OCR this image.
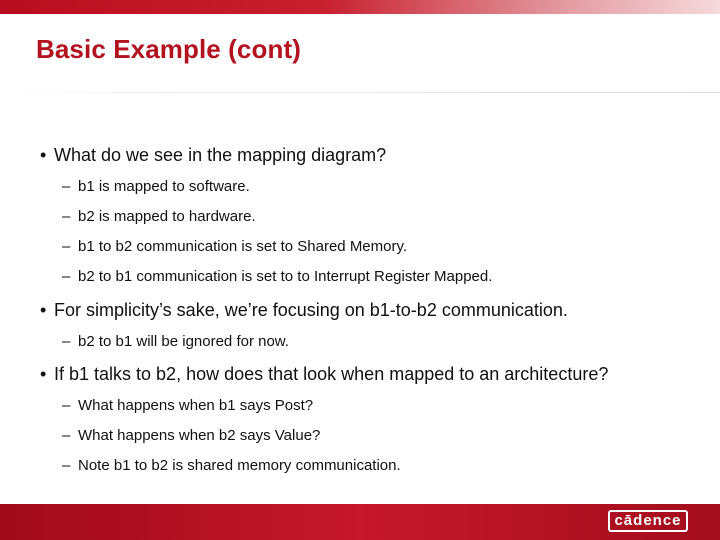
Basic Example (cont)
• What do we see in the mapping diagram?
– b1 is mapped to software.
– b2 is mapped to hardware.
– b1 to b2 communication is set to Shared Memory.
– b2 to b1 communication is set to to Interrupt Register Mapped.
• For simplicity’s sake, we’re focusing on b1-to-b2 communication.
– b2 to b1 will be ignored for now.
• If b1 talks to b2, how does that look when mapped to an architecture?
– What happens when b1 says Post?
– What happens when b2 says Value?
– Note b1 to b2 is shared memory communication.
cādence
